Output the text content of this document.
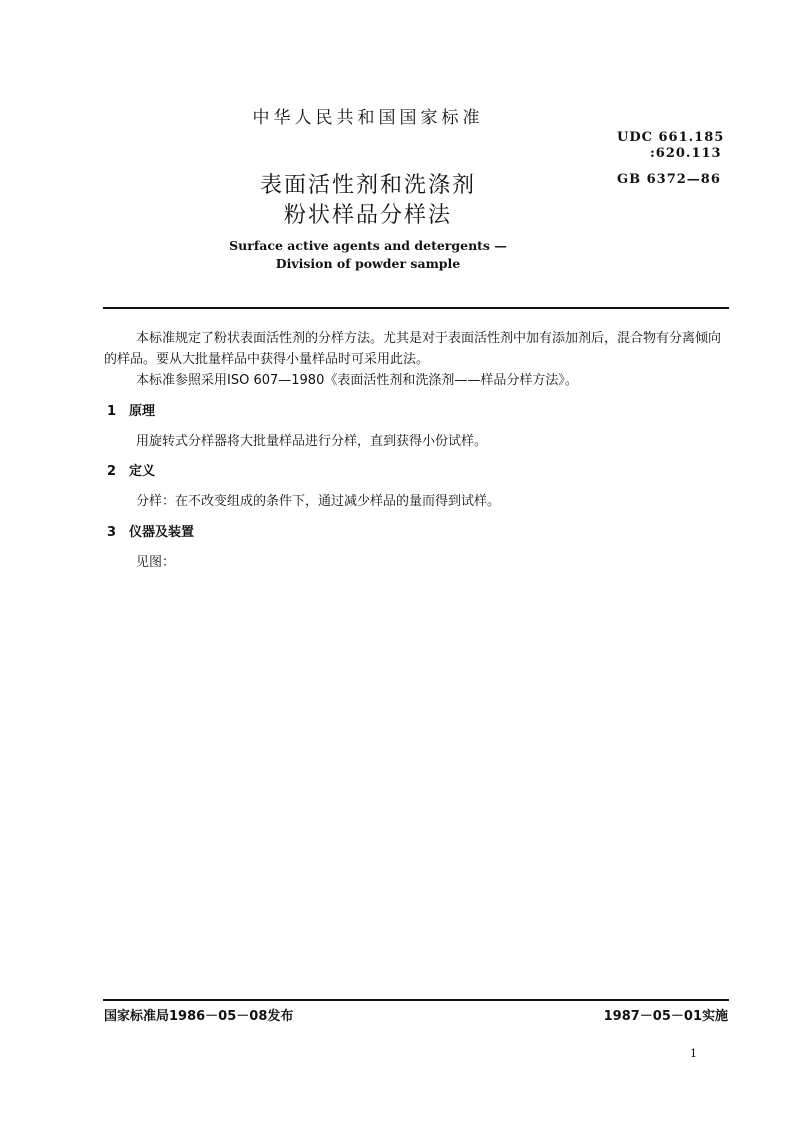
中华人民共和国国家标准
UDC 661.185
:620.113
GB 6372—86
表面活性剂和洗涤剂
粉状样品分样法
Surface active agents and detergents —
Division of powder sample
本标准规定了粉状表面活性剂的分样方法。尤其是对于表面活性剂中加有添加剂后，混合物有分离倾向的样品。要从大批量样品中获得小量样品时可采用此法。
本标准参照采用ISO 607—1980《表面活性剂和洗涤剂——样品分样方法》。
1 原理
用旋转式分样器将大批量样品进行分样，直到获得小份试样。
2 定义
分样：在不改变组成的条件下，通过减少样品的量而得到试样。
3 仪器及装置
见图：
国家标准局1986－05－08发布	1987－05－01实施
1
